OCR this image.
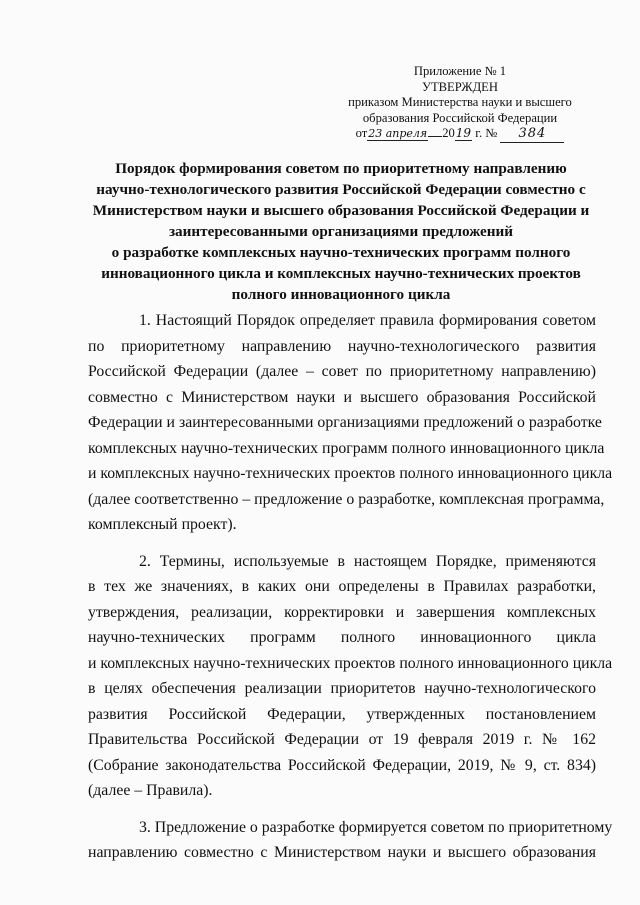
Приложение № 1
УТВЕРЖДЕН
приказом Министерства науки и высшего
образования Российской Федерации
от23 апреля 2019 г. № 384
Порядок формирования советом по приоритетному направлению
научно-технологического развития Российской Федерации совместно с
Министерством науки и высшего образования Российской Федерации и
заинтересованными организациями предложений
о разработке комплексных научно-технических программ полного
инновационного цикла и комплексных научно-технических проектов
полного инновационного цикла
1. Настоящий Порядок определяет правила формирования советом
по приоритетному направлению научно-технологического развития
Российской Федерации (далее – совет по приоритетному направлению)
совместно с Министерством науки и высшего образования Российской
Федерации и заинтересованными организациями предложений о разработке
комплексных научно-технических программ полного инновационного цикла
и комплексных научно-технических проектов полного инновационного цикла
(далее соответственно – предложение о разработке, комплексная программа,
комплексный проект).
2. Термины, используемые в настоящем Порядке, применяются
в тех же значениях, в каких они определены в Правилах разработки,
утверждения, реализации, корректировки и завершения комплексных
научно-технических программ полного инновационного цикла
и комплексных научно-технических проектов полного инновационного цикла
в целях обеспечения реализации приоритетов научно-технологического
развития Российской Федерации, утвержденных постановлением
Правительства Российской Федерации от 19 февраля 2019 г. № 162
(Собрание законодательства Российской Федерации, 2019, № 9, ст. 834)
(далее – Правила).
3. Предложение о разработке формируется советом по приоритетному
направлению совместно с Министерством науки и высшего образования
